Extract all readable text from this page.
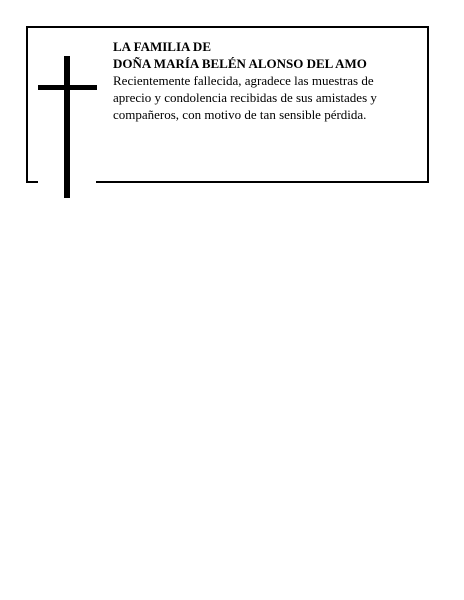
LA FAMILIA DE
DOÑA MARÍA BELÉN ALONSO DEL AMO

Recientemente fallecida, agradece las muestras de aprecio y condolencia recibidas de sus amistades y compañeros, con motivo de tan sensible pérdida.
